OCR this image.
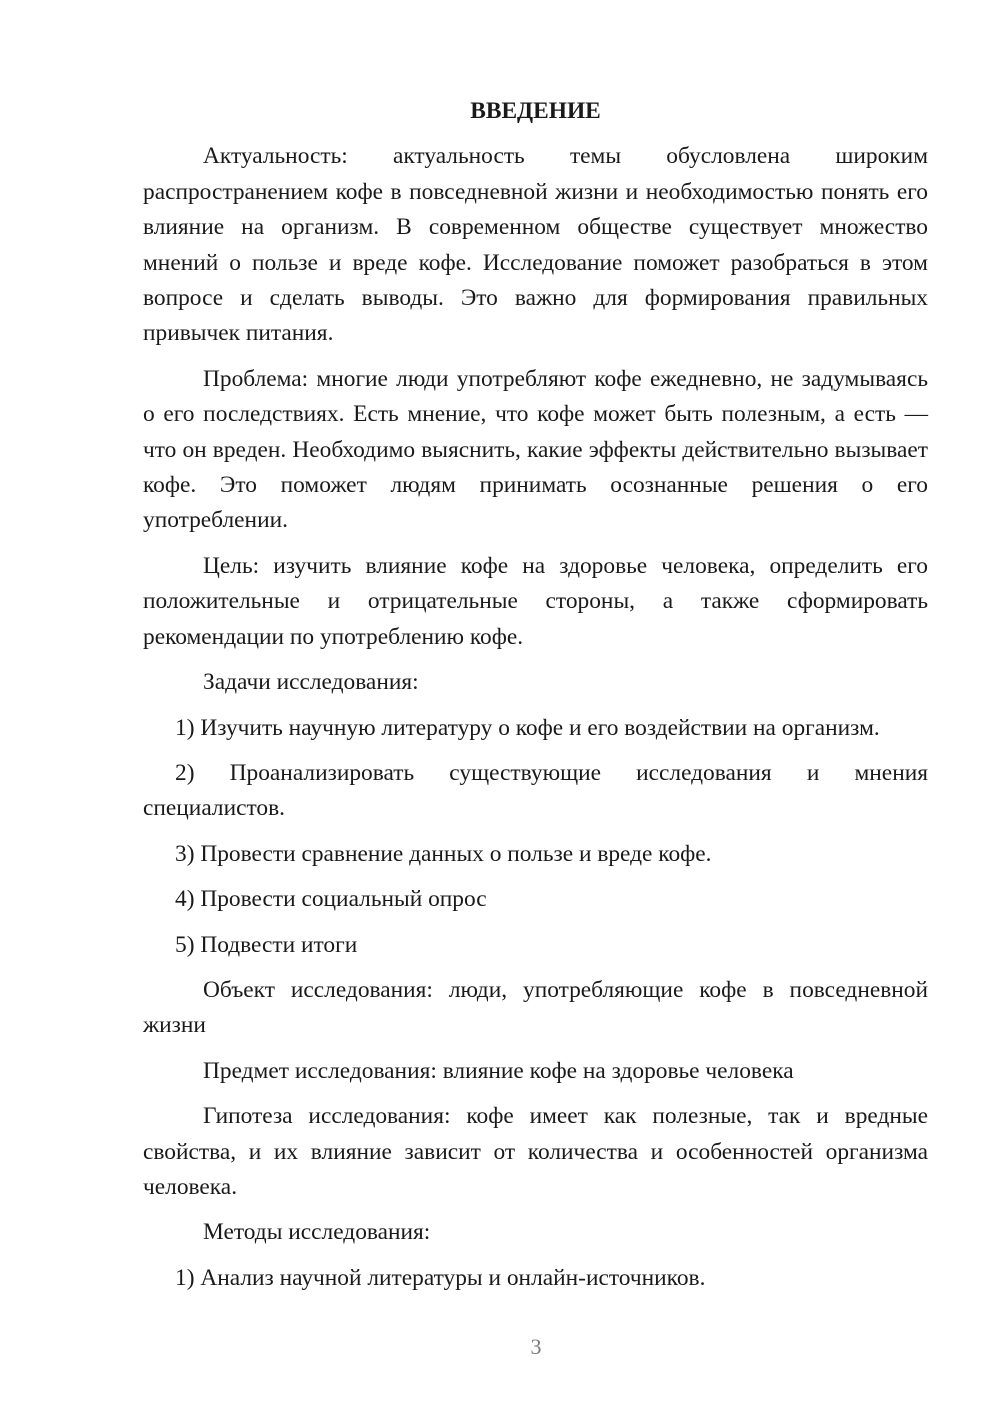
ВВЕДЕНИЕ

Актуальность: актуальность темы обусловлена широким распространением кофе в повседневной жизни и необходимостью понять его влияние на организм. В современном обществе существует множество мнений о пользе и вреде кофе. Исследование поможет разобраться в этом вопросе и сделать выводы. Это важно для формирования правильных привычек питания.

Проблема: многие люди употребляют кофе ежедневно, не задумываясь о его последствиях. Есть мнение, что кофе может быть полезным, а есть — что он вреден. Необходимо выяснить, какие эффекты действительно вызывает кофе. Это поможет людям принимать осознанные решения о его употреблении.

Цель: изучить влияние кофе на здоровье человека, определить его положительные и отрицательные стороны, а также сформировать рекомендации по употреблению кофе.

Задачи исследования:

1) Изучить научную литературу о кофе и его воздействии на организм.

2) Проанализировать существующие исследования и мнения специалистов.

3) Провести сравнение данных о пользе и вреде кофе.

4) Провести социальный опрос

5) Подвести итоги

Объект исследования: люди, употребляющие кофе в повседневной жизни

Предмет исследования: влияние кофе на здоровье человека

Гипотеза исследования: кофе имеет как полезные, так и вредные свойства, и их влияние зависит от количества и особенностей организма человека.

Методы исследования:

1) Анализ научной литературы и онлайн-источников.

3
